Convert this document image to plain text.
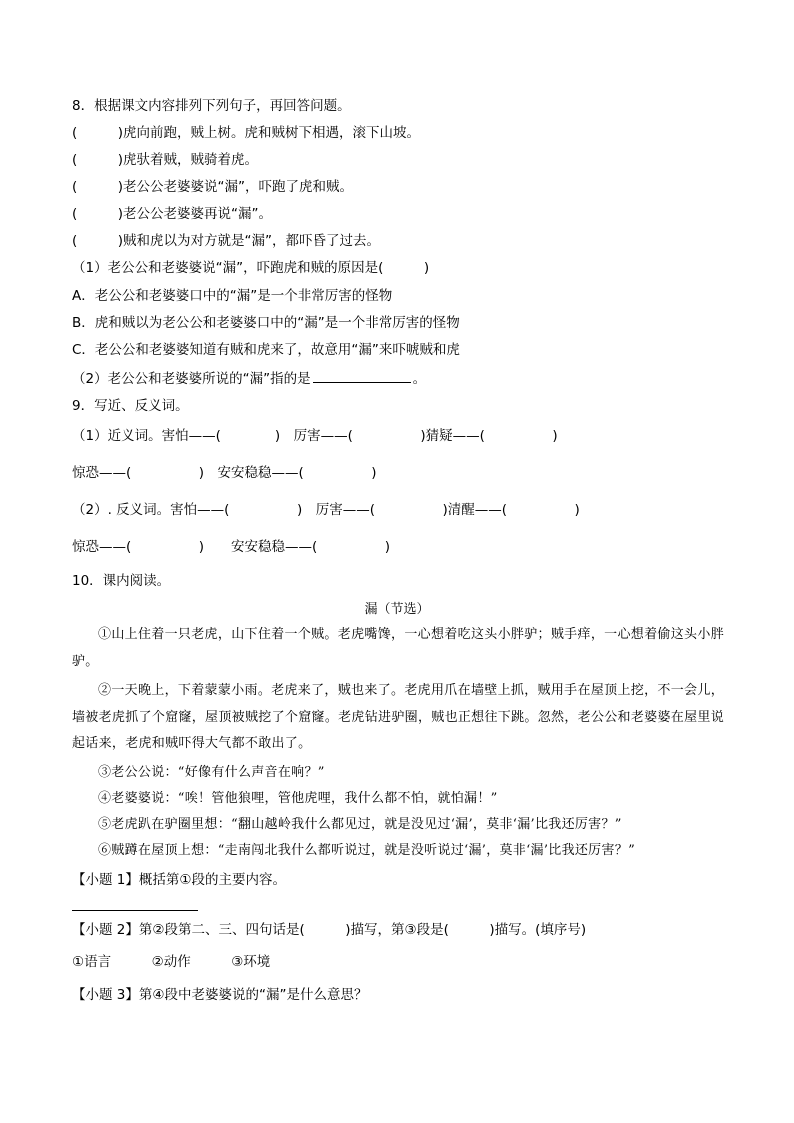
8．根据课文内容排列下列句子，再回答问题。
(　　　)虎向前跑，贼上树。虎和贼树下相遇，滚下山坡。
(　　　)虎驮着贼，贼骑着虎。
(　　　)老公公老婆婆说“漏”，吓跑了虎和贼。
(　　　)老公公老婆婆再说“漏”。
(　　　)贼和虎以为对方就是“漏”，都吓昏了过去。
（1）老公公和老婆婆说“漏”，吓跑虎和贼的原因是(　　　)
A．老公公和老婆婆口中的“漏”是一个非常厉害的怪物
B．虎和贼以为老公公和老婆婆口中的“漏”是一个非常厉害的怪物
C．老公公和老婆婆知道有贼和虎来了，故意用“漏”来吓唬贼和虎
（2）老公公和老婆婆所说的“漏”指的是	。
9．写近、反义词。
（1）近义词。害怕——(　　　　)　厉害——(　　　　　)猜疑——(　　　　　)
惊恐——(　　　　　)　安安稳稳——(　　　　　)
（2）. 反义词。害怕——(　　　　　)　厉害——(　　　　　)清醒——(　　　　　)
惊恐——(　　　　　)　　安安稳稳——(　　　　　)
10．课内阅读。
漏（节选）
①山上住着一只老虎，山下住着一个贼。老虎嘴馋，一心想着吃这头小胖驴；贼手痒，一心想着偷这头小胖驴。
②一天晚上，下着蒙蒙小雨。老虎来了，贼也来了。老虎用爪在墙壁上抓，贼用手在屋顶上挖，不一会儿，墙被老虎抓了个窟窿，屋顶被贼挖了个窟窿。老虎钻进驴圈，贼也正想往下跳。忽然，老公公和老婆婆在屋里说起话来，老虎和贼吓得大气都不敢出了。
③老公公说：“好像有什么声音在响？”
④老婆婆说：“唉！管他狼哩，管他虎哩，我什么都不怕，就怕漏！”
⑤老虎趴在驴圈里想：“翻山越岭我什么都见过，就是没见过‘漏’，莫非‘漏’比我还厉害？”
⑥贼蹲在屋顶上想：“走南闯北我什么都听说过，就是没听说过‘漏’，莫非‘漏’比我还厉害？”
【小题 1】概括第①段的主要内容。
【小题 2】第②段第二、三、四句话是(　　　)描写，第③段是(　　　)描写。(填序号)
①语言　　　②动作　　　③环境
【小题 3】第④段中老婆婆说的“漏”是什么意思？
